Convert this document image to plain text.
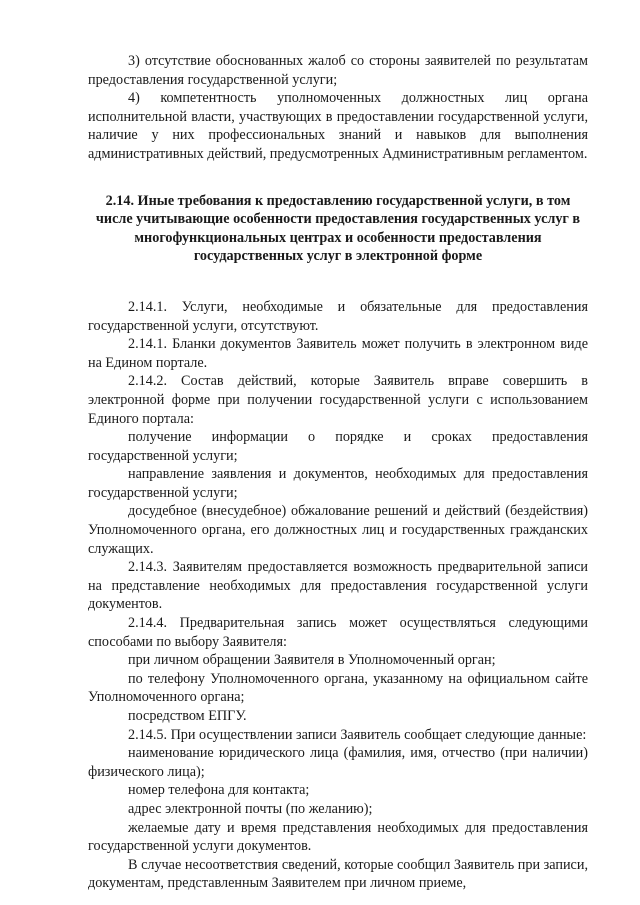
3) отсутствие обоснованных жалоб со стороны заявителей по результатам предоставления государственной услуги;

4) компетентность уполномоченных должностных лиц органа исполнительной власти, участвующих в предоставлении государственной услуги, наличие у них профессиональных знаний и навыков для выполнения административных действий, предусмотренных Административным регламентом.

2.14. Иные требования к предоставлению государственной услуги, в том числе учитывающие особенности предоставления государственных услуг в многофункциональных центрах и особенности предоставления государственных услуг в электронной форме

2.14.1. Услуги, необходимые и обязательные для предоставления государственной услуги, отсутствуют.

2.14.1. Бланки документов Заявитель может получить в электронном виде на Едином портале.

2.14.2. Состав действий, которые Заявитель вправе совершить в электронной форме при получении государственной услуги с использованием Единого портала:

получение информации о порядке и сроках предоставления государственной услуги;

направление заявления и документов, необходимых для предоставления государственной услуги;

досудебное (внесудебное) обжалование решений и действий (бездействия) Уполномоченного органа, его должностных лиц и государственных гражданских служащих.

2.14.3. Заявителям предоставляется возможность предварительной записи на представление необходимых для предоставления государственной услуги документов.

2.14.4. Предварительная запись может осуществляться следующими способами по выбору Заявителя:

при личном обращении Заявителя в Уполномоченный орган;

по телефону Уполномоченного органа, указанному на официальном сайте Уполномоченного органа;

посредством ЕПГУ.

2.14.5. При осуществлении записи Заявитель сообщает следующие данные:

наименование юридического лица (фамилия, имя, отчество (при наличии) физического лица);

номер телефона для контакта;

адрес электронной почты (по желанию);

желаемые дату и время представления необходимых для предоставления государственной услуги документов.

В случае несоответствия сведений, которые сообщил Заявитель при записи, документам, представленным Заявителем при личном приеме,
